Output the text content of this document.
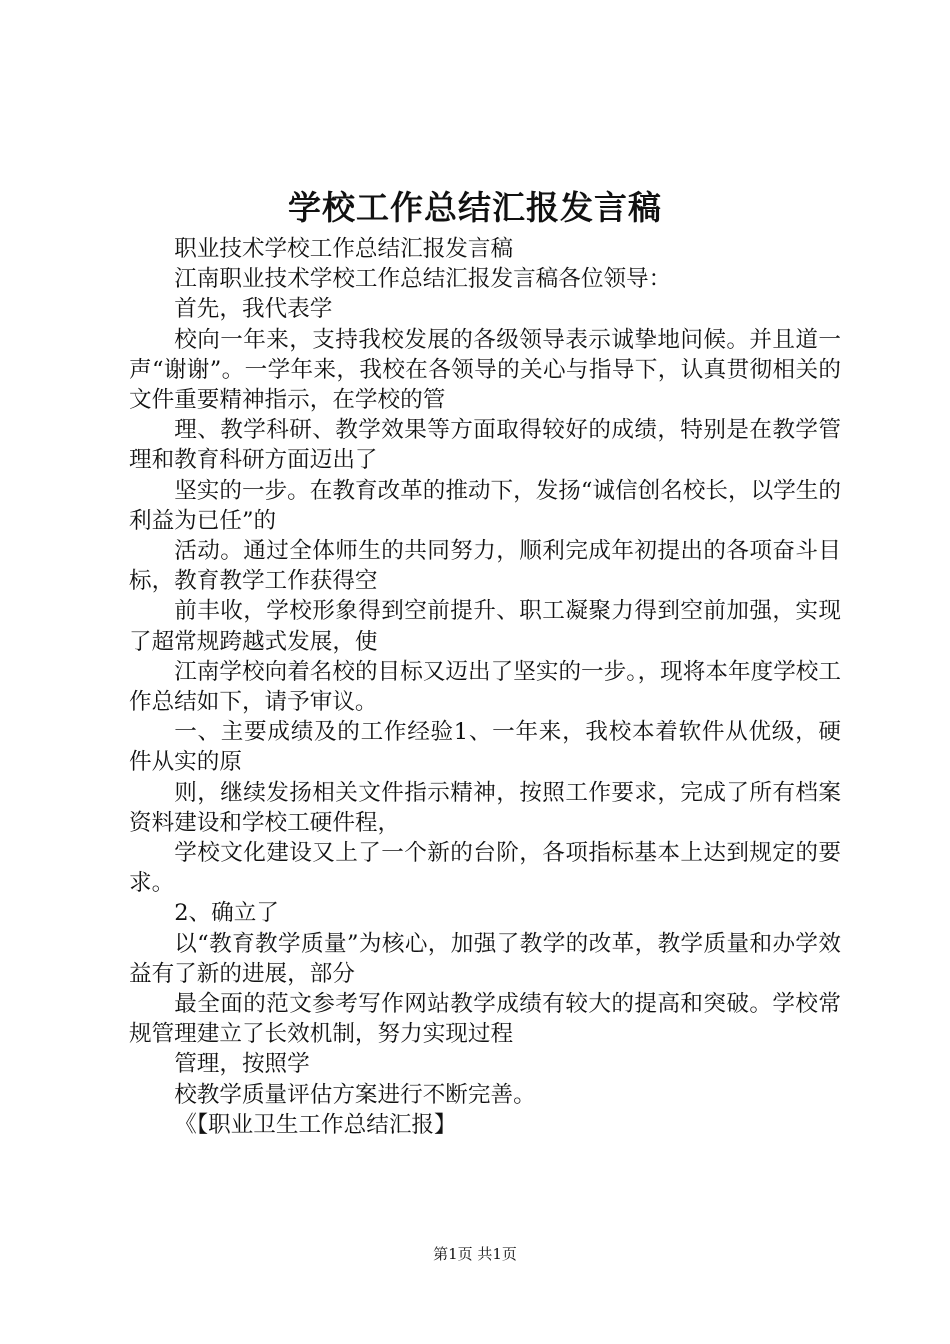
学校工作总结汇报发言稿

职业技术学校工作总结汇报发言稿

江南职业技术学校工作总结汇报发言稿各位领导：

首先，我代表学

校向一年来，支持我校发展的各级领导表示诚挚地问候。并且道一声“谢谢”。一学年来，我校在各领导的关心与指导下，认真贯彻相关的文件重要精神指示，在学校的管

理、教学科研、教学效果等方面取得较好的成绩，特别是在教学管理和教育科研方面迈出了

坚实的一步。在教育改革的推动下，发扬“诚信创名校长，以学生的利益为已任”的

活动。通过全体师生的共同努力，顺利完成年初提出的各项奋斗目标，教育教学工作获得空

前丰收，学校形象得到空前提升、职工凝聚力得到空前加强，实现了超常规跨越式发展，使

江南学校向着名校的目标又迈出了坚实的一步。，现将本年度学校工作总结如下，请予审议。

一、主要成绩及的工作经验1、一年来，我校本着软件从优级，硬件从实的原

则，继续发扬相关文件指示精神，按照工作要求，完成了所有档案资料建设和学校工硬件程，

学校文化建设又上了一个新的台阶，各项指标基本上达到规定的要求。

2、确立了

以“教育教学质量”为核心，加强了教学的改革，教学质量和办学效益有了新的进展，部分

最全面的范文参考写作网站教学成绩有较大的提高和突破。学校常规管理建立了长效机制，努力实现过程

管理，按照学

校教学质量评估方案进行不断完善。

《【职业卫生工作总结汇报】

第1页 共1页
